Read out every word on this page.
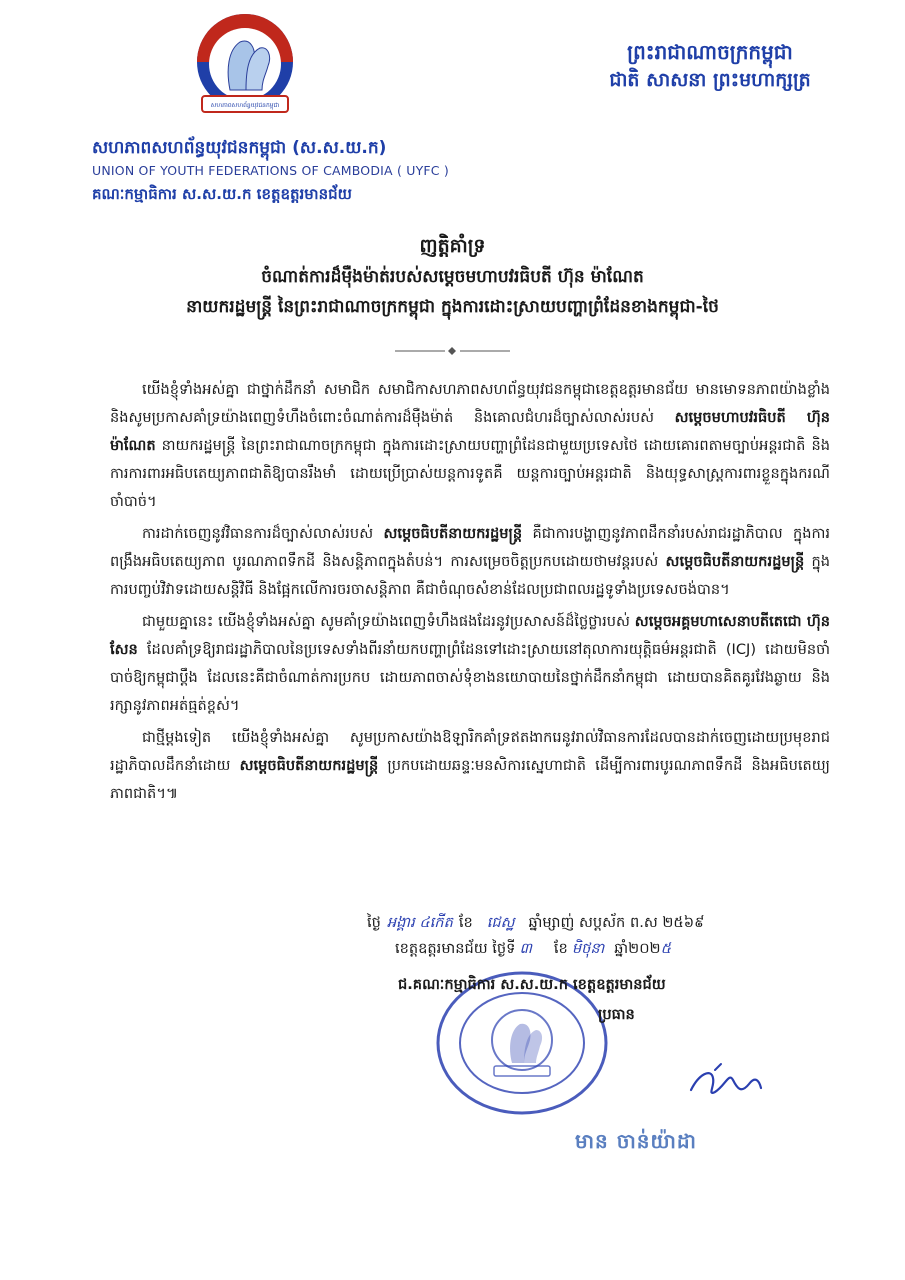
សហភាពសហព័ន្ធយុវជនកម្ពុជា
ព្រះរាជាណាចក្រកម្ពុជា
ជាតិ សាសនា ព្រះមហាក្សត្រ
សហភាពសហព័ន្ធយុវជនកម្ពុជា (ស.ស.យ.ក)
UNION OF YOUTH FEDERATIONS OF CAMBODIA ( UYFC )
គណៈកម្មាធិការ ស.ស.យ.ក ខេត្តឧត្តរមានជ័យ
ញត្តិគាំទ្រ
ចំណាត់ការដ៏ម៉ឺងម៉ាត់របស់សម្តេចមហាបវរធិបតី ហ៊ុន ម៉ាណែត
នាយករដ្ឋមន្ត្រី នៃព្រះរាជាណាចក្រកម្ពុជា ក្នុងការដោះស្រាយបញ្ហាព្រំដែនខាងកម្ពុជា-ថៃ

យើងខ្ញុំទាំងអស់គ្នា ជាថ្នាក់ដឹកនាំ សមាជិក សមាជិកាសហភាពសហព័ន្ធយុវជនកម្ពុជាខេត្តឧត្តរមានជ័យ មានមោទនភាពយ៉ាងខ្លាំង និងសូមប្រកាសគាំទ្រយ៉ាងពេញទំហឹងចំពោះចំណាត់ការដ៏ម៉ឺងម៉ាត់ និងគោលជំហរដ៏ច្បាស់លាស់របស់ សម្តេចមហាបវរធិបតី ហ៊ុន ម៉ាណែត នាយករដ្ឋមន្ត្រី នៃព្រះរាជាណាចក្រកម្ពុជា ក្នុងការដោះស្រាយបញ្ហាព្រំដែនជាមួយប្រទេសថៃ ដោយគោរពតាមច្បាប់អន្តរជាតិ និងការការពារអធិបតេយ្យភាពជាតិឱ្យបានរឹងមាំ ដោយប្រើប្រាស់យន្តការទូតគឺ យន្តការច្បាប់អន្តរជាតិ និងយុទ្ធសាស្ត្រការពារខ្លួនក្នុងករណីចាំបាច់។

ការដាក់ចេញនូវវិធានការដ៏ច្បាស់លាស់របស់ សម្តេចធិបតីនាយករដ្ឋមន្ត្រី គឺជាការបង្ហាញនូវភាពដឹកនាំរបស់រាជរដ្ឋាភិបាល ក្នុងការពង្រឹងអធិបតេយ្យភាព បូរណភាពទឹកដី និងសន្តិភាពក្នុងតំបន់។ ការសម្រេចចិត្តប្រកបដោយថាមវន្តរបស់ សម្តេចធិបតីនាយករដ្ឋមន្ត្រី ក្នុងការបញ្ចប់វិវាទដោយសន្តិវិធី និងផ្អែកលើការចរចាសន្តិភាព គឺជាចំណុចសំខាន់ដែលប្រជាពលរដ្ឋទូទាំងប្រទេសចង់បាន។

ជាមួយគ្នានេះ យើងខ្ញុំទាំងអស់គ្នា សូមគាំទ្រយ៉ាងពេញទំហឹងផងដែរនូវប្រសាសន៍ដ៏ថ្លៃថ្លារបស់ សម្តេចអគ្គមហាសេនាបតីតេជោ ហ៊ុន សែន ដែលគាំទ្រឱ្យរាជរដ្ឋាភិបាលនៃប្រទេសទាំងពីរនាំយកបញ្ហាព្រំដែនទៅដោះស្រាយនៅតុលាការយុត្តិធម៌អន្តរជាតិ (ICJ) ដោយមិនចាំបាច់ឱ្យកម្ពុជាប្ដឹង ដែលនេះគឺជាចំណាត់ការប្រកប ដោយភាពចាស់ទុំខាងនយោបាយនៃថ្នាក់ដឹកនាំកម្ពុជា ដោយបានគិតគូរវែងឆ្ងាយ និងរក្សានូវភាពអត់ធ្មត់ខ្ពស់។

ជាថ្មីម្តងទៀត យើងខ្ញុំទាំងអស់គ្នា សូមប្រកាសយ៉ាងឱឡារិកគាំទ្រឥតងាករេនូវរាល់វិធានការដែលបានដាក់ចេញដោយប្រមុខរាជរដ្ឋាភិបាលដឹកនាំដោយ សម្តេចធិបតីនាយករដ្ឋមន្ត្រី ប្រកបដោយឆន្ទៈមនសិការស្នេហាជាតិ ដើម្បីការពារបូរណភាពទឹកដី និងអធិបតេយ្យភាពជាតិ។៕

ថ្ងៃ អង្គារ ៤កើត ខែ ជេស្ឋ ឆ្នាំម្សាញ់ សប្តស័ក ព.ស ២៥៦៩
ខេត្តឧត្តរមានជ័យ ថ្ងៃទី ៣ ខែ មិថុនា ឆ្នាំ២០២៥
ជ.គណៈកម្មាធិការ ស.ស.យ.ក ខេត្តឧត្តរមានជ័យ
ប្រធាន
មាន ចាន់យ៉ាដា
